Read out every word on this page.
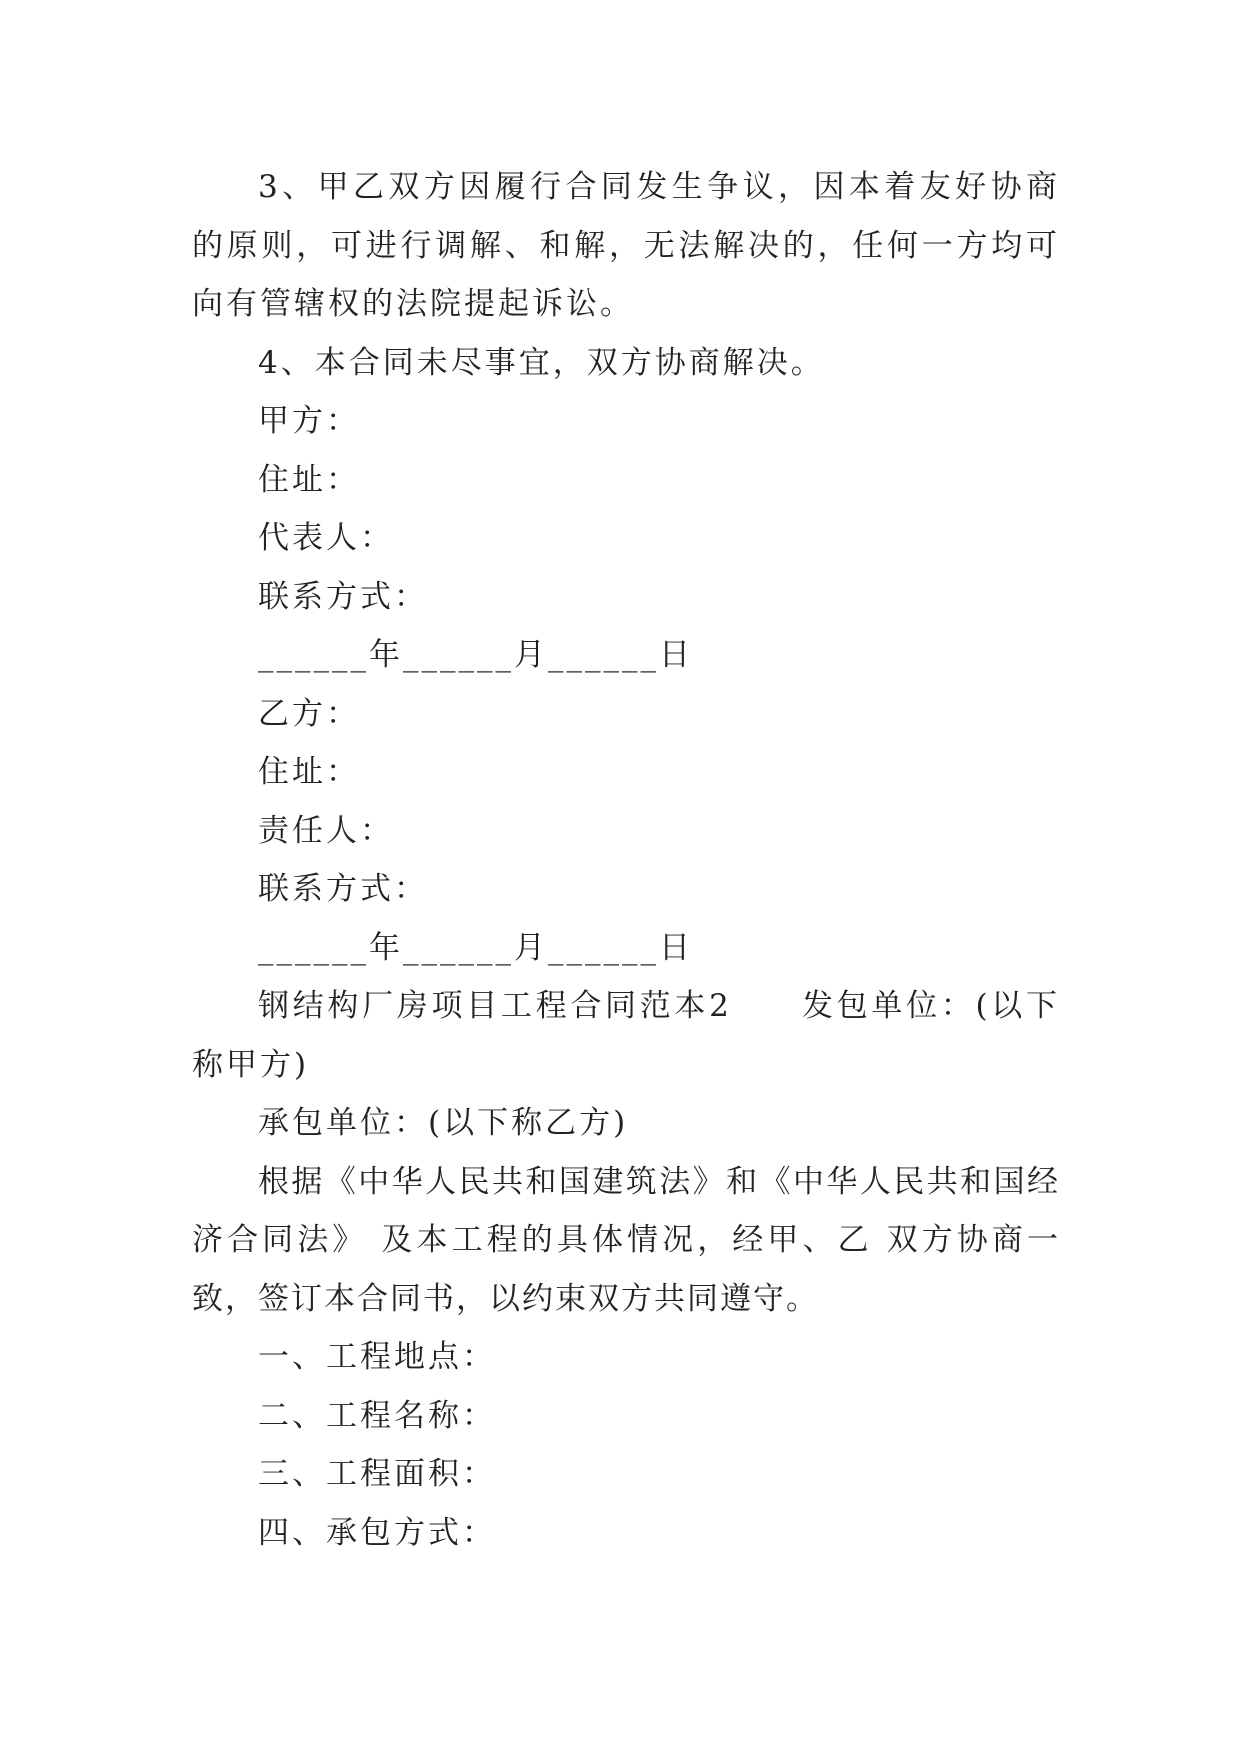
3、甲乙双方因履行合同发生争议，因本着友好协商的原则，可进行调解、和解，无法解决的，任何一方均可向有管辖权的法院提起诉讼。

4、本合同未尽事宜，双方协商解决。

甲方：

住址：

代表人：

联系方式：

______年______月______日

乙方：

住址：

责任人：

联系方式：

______年______月______日

钢结构厂房项目工程合同范本2　　发包单位：(以下称甲方)

承包单位：(以下称乙方)

根据《中华人民共和国建筑法》和《中华人民共和国经济合同法》 及本工程的具体情况，经甲、乙 双方协商一致，签订本合同书，以约束双方共同遵守。

一、工程地点：

二、工程名称：

三、工程面积：

四、承包方式：
